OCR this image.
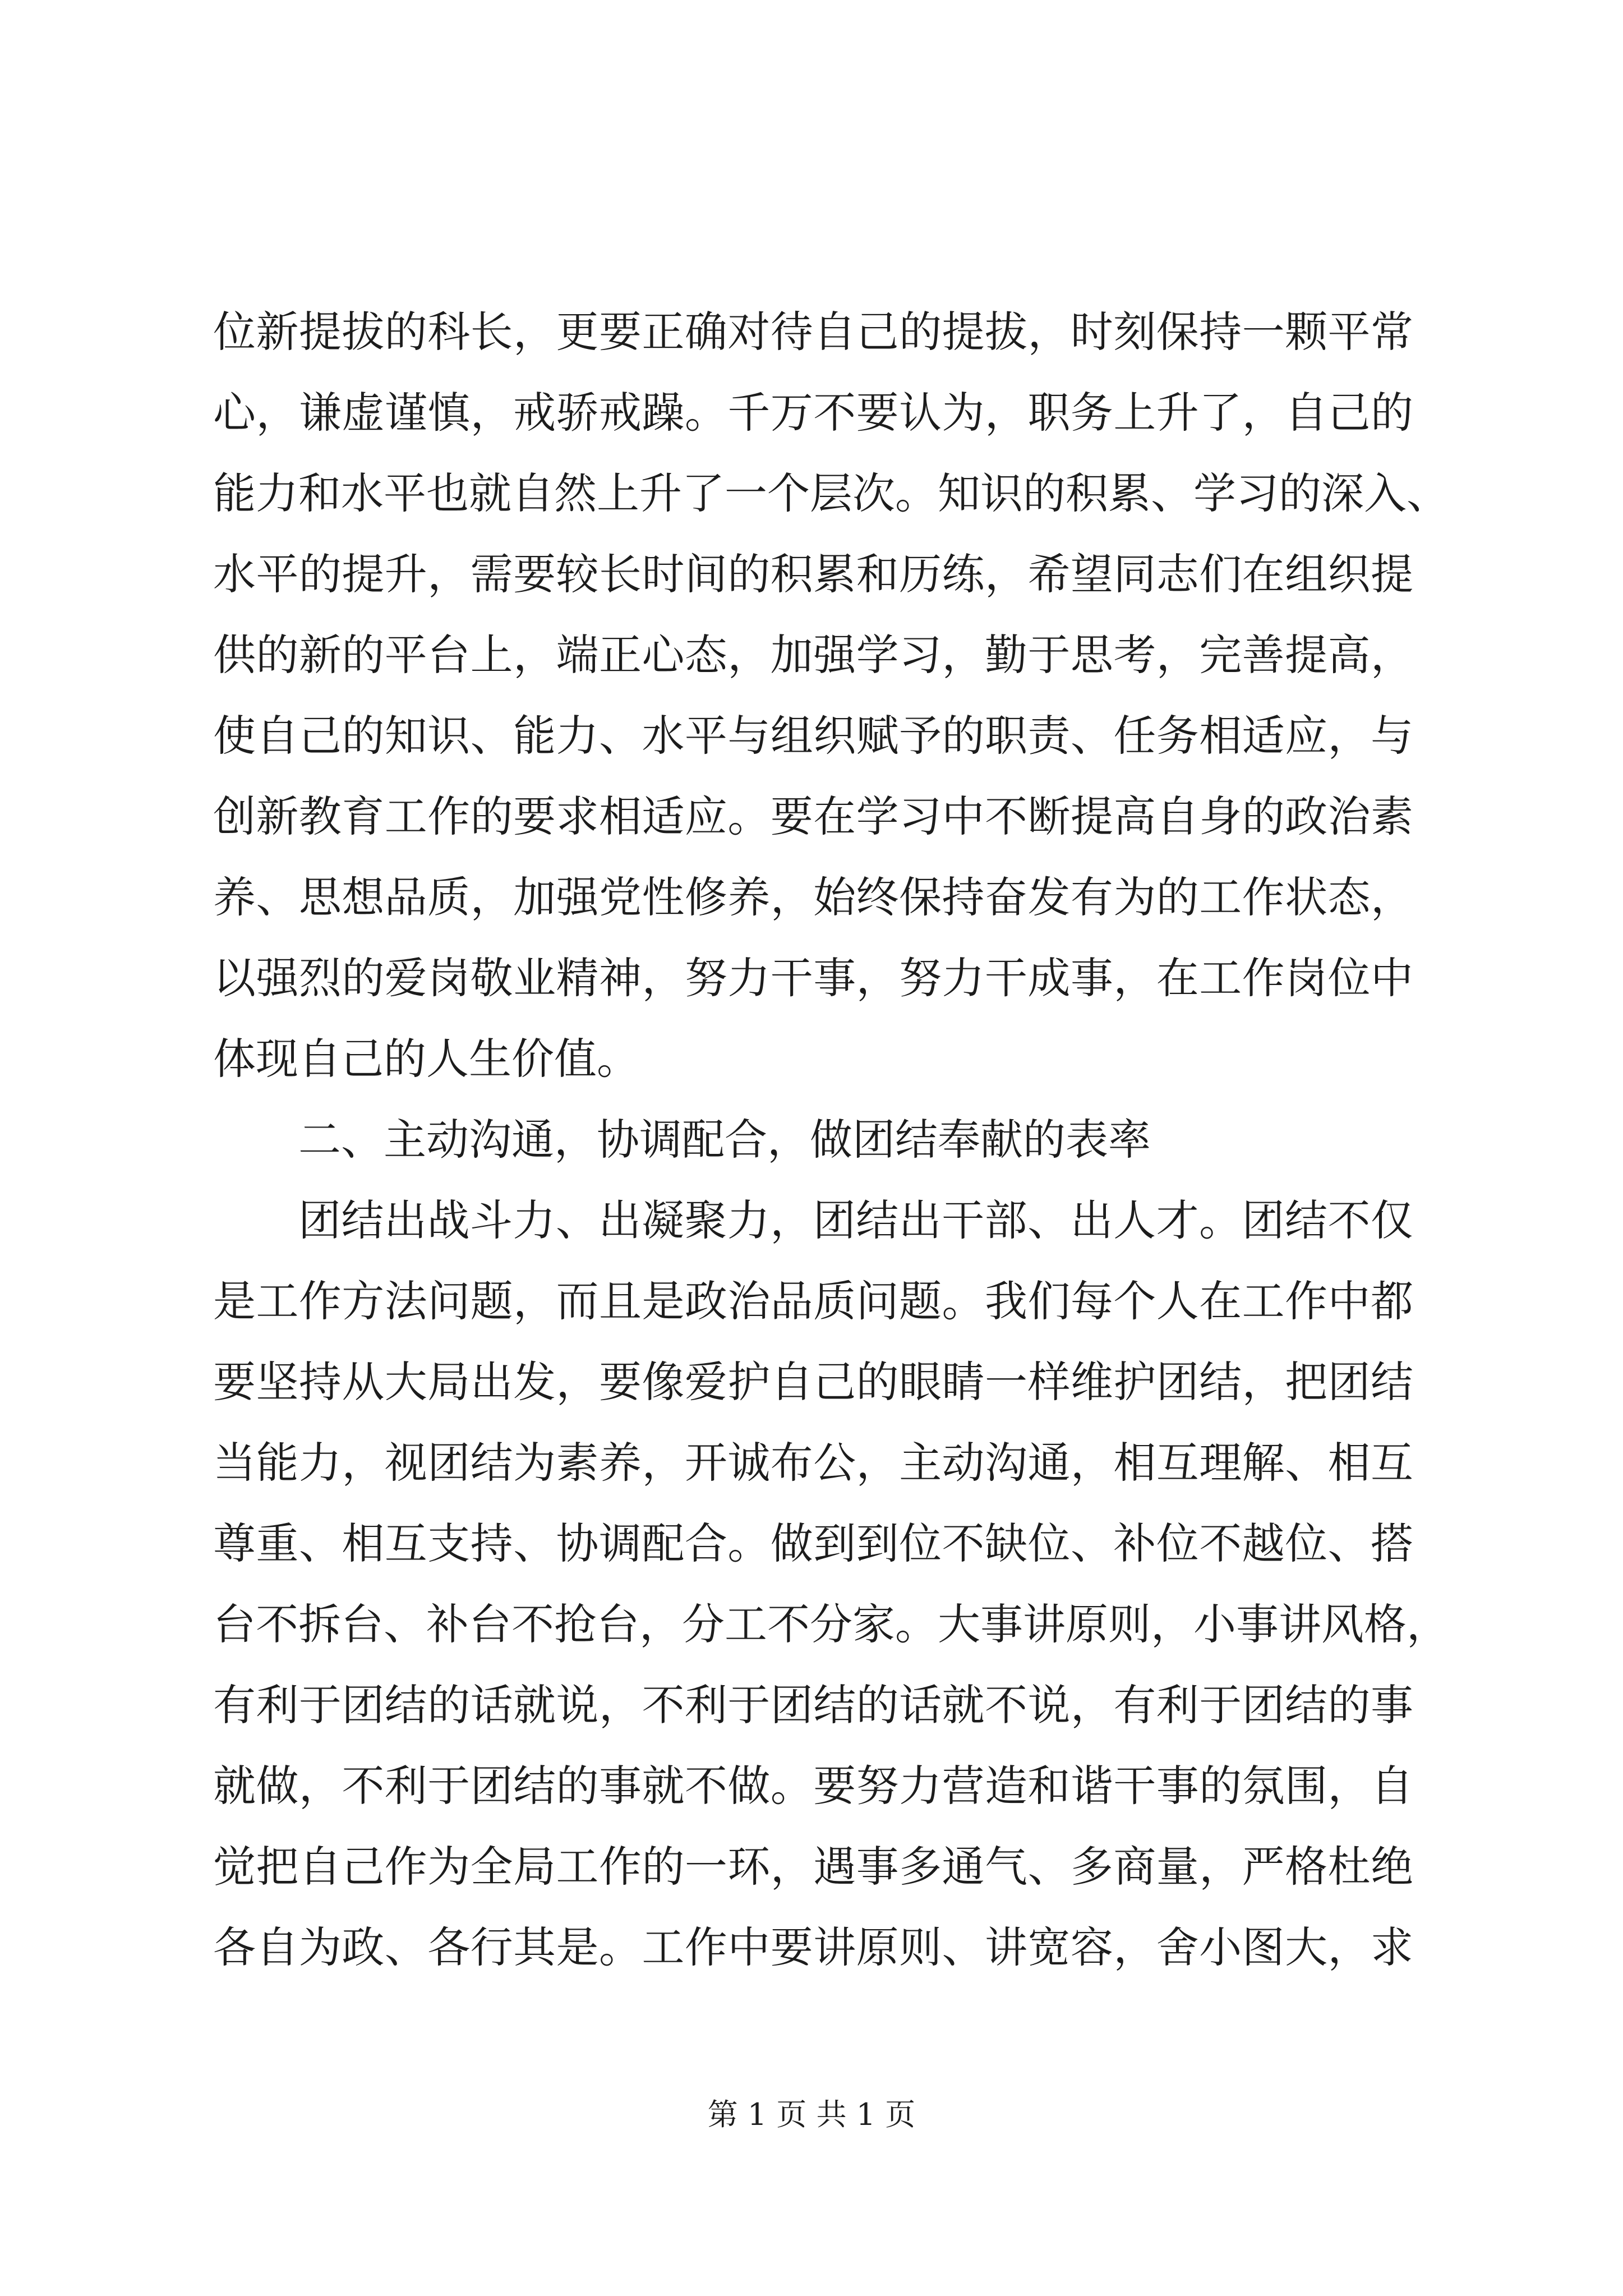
位新提拔的科长，更要正确对待自己的提拔，时刻保持一颗平常
心，谦虚谨慎，戒骄戒躁。千万不要认为，职务上升了，自己的
能力和水平也就自然上升了一个层次。知识的积累、学习的深入、
水平的提升，需要较长时间的积累和历练，希望同志们在组织提
供的新的平台上，端正心态，加强学习，勤于思考，完善提高，
使自己的知识、能力、水平与组织赋予的职责、任务相适应，与
创新教育工作的要求相适应。要在学习中不断提高自身的政治素
养、思想品质，加强党性修养，始终保持奋发有为的工作状态，
以强烈的爱岗敬业精神，努力干事，努力干成事，在工作岗位中
体现自己的人生价值。
二、主动沟通，协调配合，做团结奉献的表率
团结出战斗力、出凝聚力，团结出干部、出人才。团结不仅
是工作方法问题，而且是政治品质问题。我们每个人在工作中都
要坚持从大局出发，要像爱护自己的眼睛一样维护团结，把团结
当能力，视团结为素养，开诚布公，主动沟通，相互理解、相互
尊重、相互支持、协调配合。做到到位不缺位、补位不越位、搭
台不拆台、补台不抢台，分工不分家。大事讲原则，小事讲风格，
有利于团结的话就说，不利于团结的话就不说，有利于团结的事
就做，不利于团结的事就不做。要努力营造和谐干事的氛围，自
觉把自己作为全局工作的一环，遇事多通气、多商量，严格杜绝
各自为政、各行其是。工作中要讲原则、讲宽容，舍小图大，求
第 1 页 共 1 页
